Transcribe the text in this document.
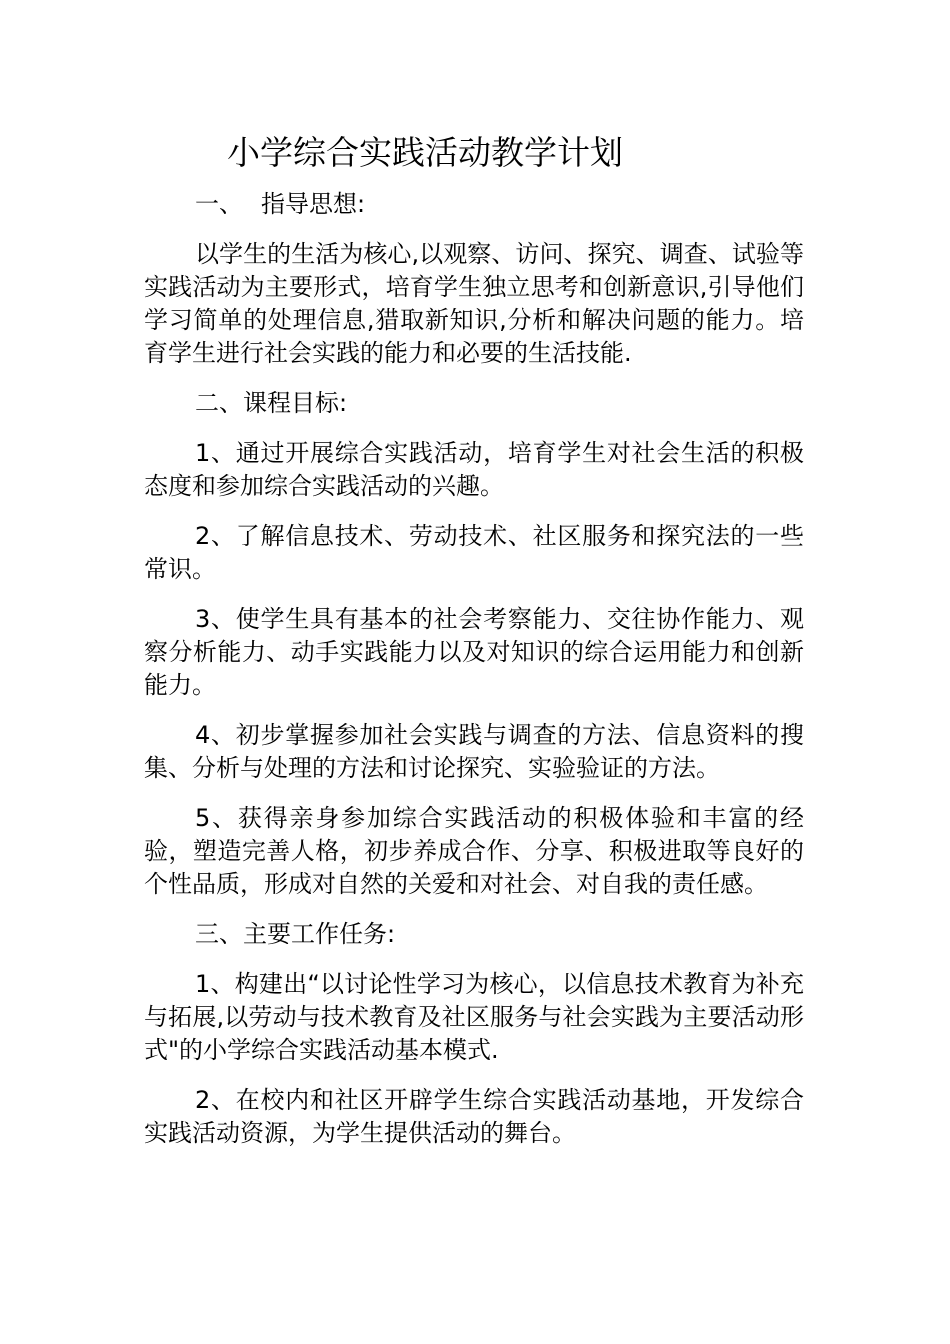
小学综合实践活动教学计划

一、 指导思想:

以学生的生活为核心,以观察、访问、探究、调查、试验等实践活动为主要形式，培育学生独立思考和创新意识,引导他们学习简单的处理信息,猎取新知识,分析和解决问题的能力。培育学生进行社会实践的能力和必要的生活技能.

二、课程目标:

1、通过开展综合实践活动，培育学生对社会生活的积极态度和参加综合实践活动的兴趣。

2、了解信息技术、劳动技术、社区服务和探究法的一些常识。

3、使学生具有基本的社会考察能力、交往协作能力、观察分析能力、动手实践能力以及对知识的综合运用能力和创新能力。

4、初步掌握参加社会实践与调查的方法、信息资料的搜集、分析与处理的方法和讨论探究、实验验证的方法。

5、获得亲身参加综合实践活动的积极体验和丰富的经验，塑造完善人格，初步养成合作、分享、积极进取等良好的个性品质，形成对自然的关爱和对社会、对自我的责任感。

三、主要工作任务:

1、构建出“以讨论性学习为核心，以信息技术教育为补充与拓展,以劳动与技术教育及社区服务与社会实践为主要活动形式"的小学综合实践活动基本模式.

2、在校内和社区开辟学生综合实践活动基地，开发综合实践活动资源，为学生提供活动的舞台。
